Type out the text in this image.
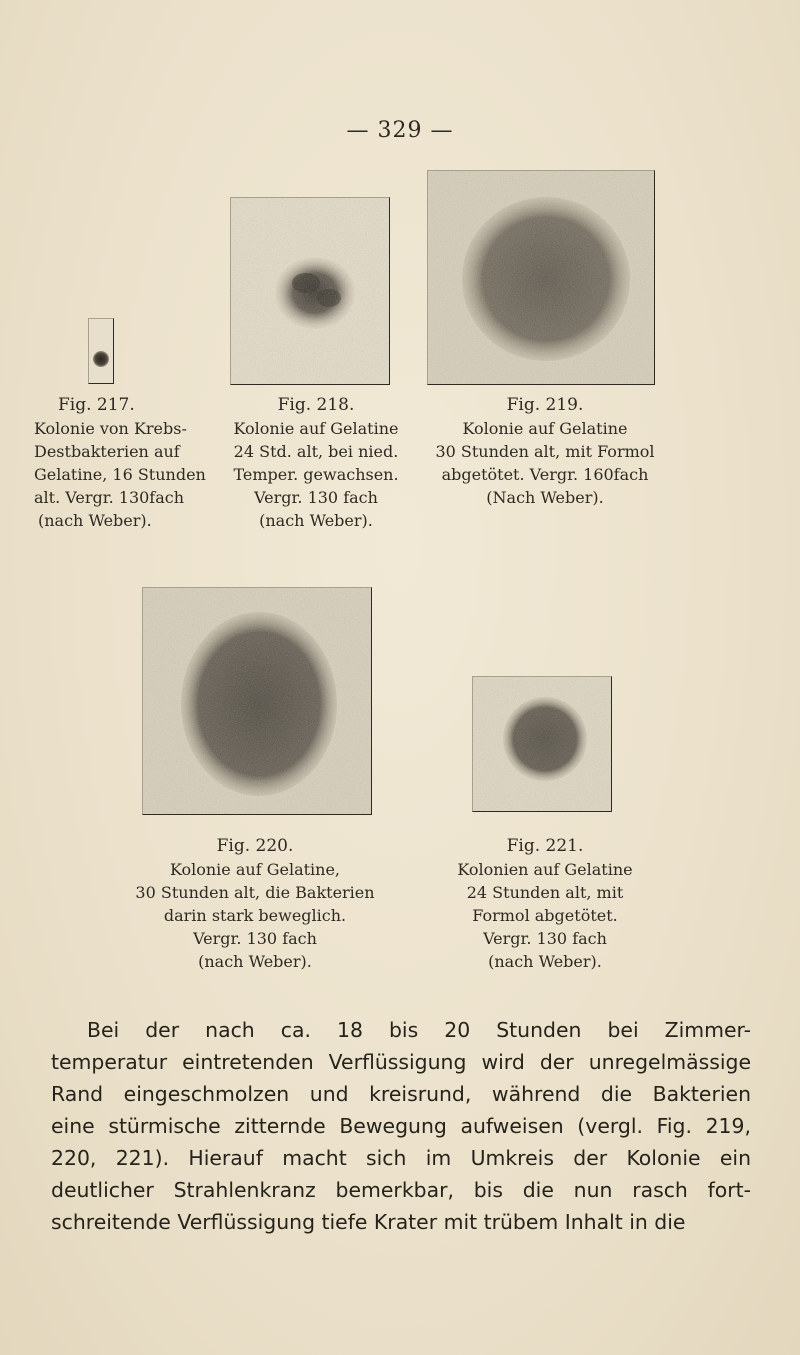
— 329 —
Fig. 217.
Kolonie von Krebs-
Destbakterien auf
Gelatine, 16 Stunden
alt. Vergr. 130fach
(nach Weber).
Fig. 218.
Kolonie auf Gelatine
24 Std. alt, bei nied.
Temper. gewachsen.
Vergr. 130 fach
(nach Weber).
Fig. 219.
Kolonie auf Gelatine
30 Stunden alt, mit Formol
abgetötet. Vergr. 160fach
(Nach Weber).
Fig. 220.
Kolonie auf Gelatine,
30 Stunden alt, die Bakterien
darin stark beweglich.
Vergr. 130 fach
(nach Weber).
Fig. 221.
Kolonien auf Gelatine
24 Stunden alt, mit
Formol abgetötet.
Vergr. 130 fach
(nach Weber).
Bei der nach ca. 18 bis 20 Stunden bei Zimmer-
temperatur eintretenden Verflüssigung wird der unregelmässige
Rand eingeschmolzen und kreisrund, während die Bakterien
eine stürmische zitternde Bewegung aufweisen (vergl. Fig. 219,
220, 221). Hierauf macht sich im Umkreis der Kolonie ein
deutlicher Strahlenkranz bemerkbar, bis die nun rasch fort-
schreitende Verflüssigung tiefe Krater mit trübem Inhalt in die
